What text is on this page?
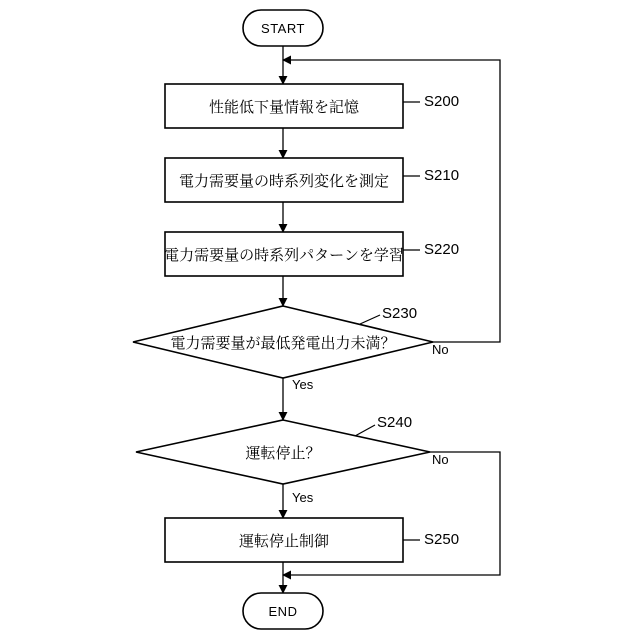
START
性能低下量情報を記憶	S200
電力需要量の時系列変化を測定	S210
電力需要量の時系列パターンを学習 S220
電力需要量が最低発電出力未満？
S230
No
Yes
運転停止？
S240
No
Yes
運転停止制御	S250
END
